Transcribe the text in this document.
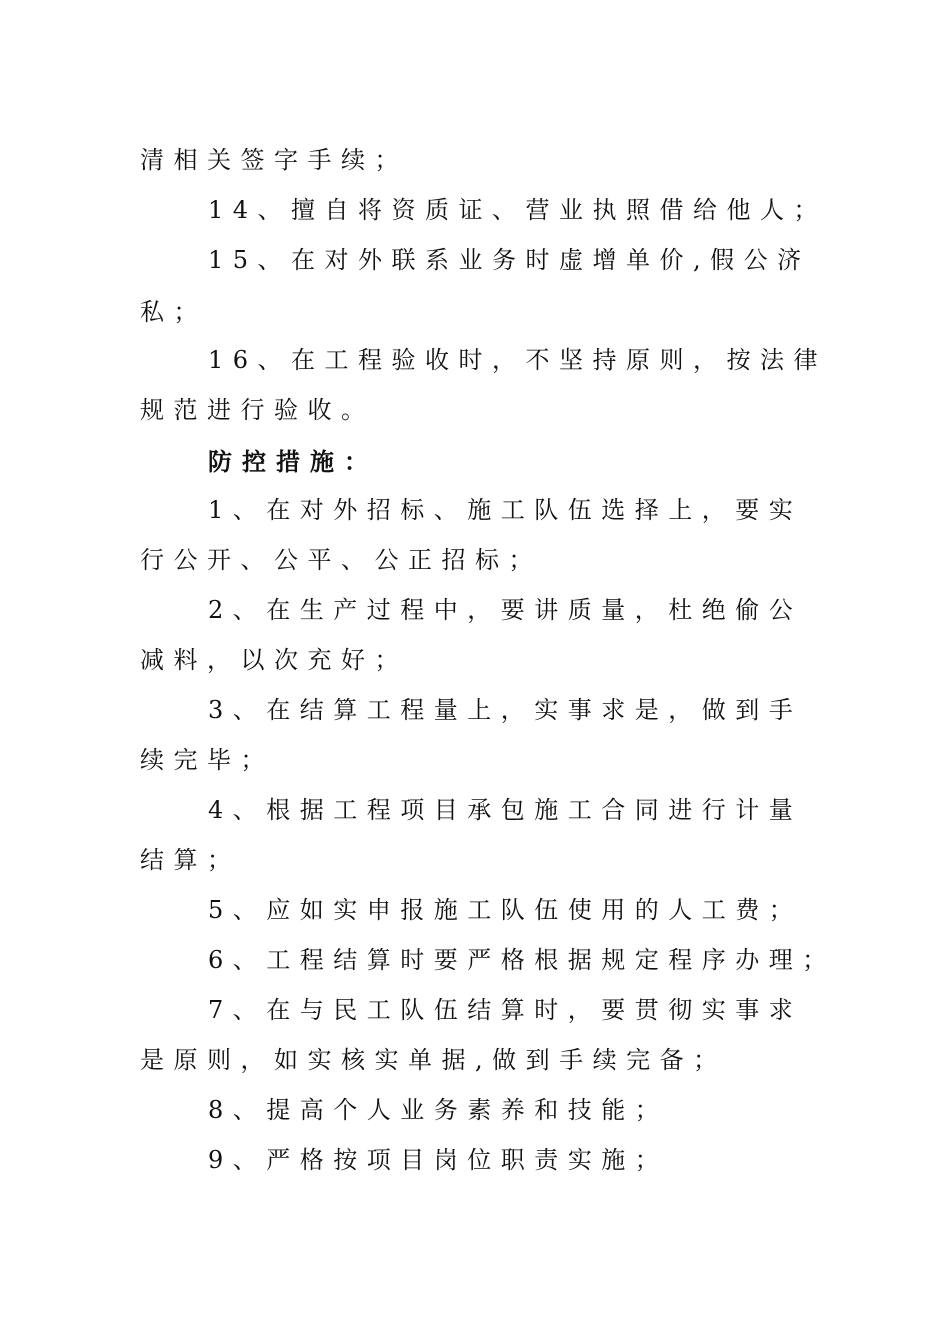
清相关签字手续；
14、擅自将资质证、营业执照借给他人；
15、在对外联系业务时虚增单价,假公济
私；
16、在工程验收时，不坚持原则，按法律
规范进行验收。
防控措施：
1、在对外招标、施工队伍选择上，要实
行公开、公平、公正招标；
2、在生产过程中，要讲质量，杜绝偷公
减料，以次充好；
3、在结算工程量上，实事求是，做到手
续完毕；
4、根据工程项目承包施工合同进行计量
结算；
5、应如实申报施工队伍使用的人工费；
6、工程结算时要严格根据规定程序办理；
7、在与民工队伍结算时，要贯彻实事求
是原则，如实核实单据,做到手续完备；
8、提高个人业务素养和技能；
9、严格按项目岗位职责实施；
